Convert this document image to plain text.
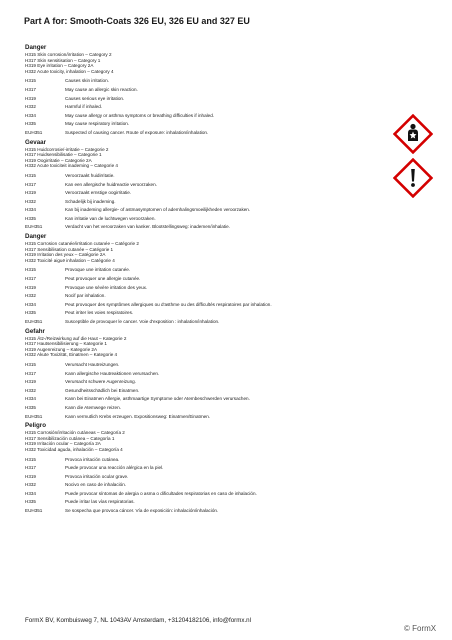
Part A for: Smooth-Coats 326 EU, 326 EU and 327 EU
Danger
H315 Skin corrosion/irritation – Category 2
H317 Skin sensitisation – Category 1
H319 Eye irritation – Category 2A
H332 Acute toxicity, inhalation – Category 4
H315	Causes skin irritation.
H317	May cause an allergic skin reaction.
H319	Causes serious eye irritation.
H332	Harmful if inhaled.
H334	May cause allergy or asthma symptoms or breathing difficulties if inhaled.
H335	May cause respiratory irritation.
EUH351	Suspected of causing cancer. Route of exposure: inhalation/inhalation.
Gevaar
H315 Huidcorrosie/-irritatie – Categorie 2
H317 Huidsensibilisatie – Categorie 1
H319 Oogirritatie – Categorie 2A
H332 Acute toxiciteit inademing – Categorie 4
H315	Veroorzaakt huidirritatie.
H317	Kan een allergische huidreactie veroorzaken.
H319	Veroorzaakt ernstige oogirritatie.
H332	Schadelijk bij inademing.
H334	Kan bij inademing allergie- of astmasymptomen of ademhalingsmoeilijkheden veroorzaken.
H335	Kan irritatie van de luchtwegen veroorzaken.
EUH351	Verdacht van het veroorzaken van kanker. Blootstellingsweg: inademen/inhalatie.
Danger
H315 Corrosion cutanée/irritation cutanée – Catégorie 2
H317 Sensibilisation cutanée – Catégorie 1
H319 Irritation des yeux – Catégorie 2A
H332 Toxicité aiguë inhalation – Catégorie 4
H315	Provoque une irritation cutanée.
H317	Peut provoquer une allergie cutanée.
H319	Provoque une sévère irritation des yeux.
H332	Nocif par inhalation.
H334	Peut provoquer des symptômes allergiques ou d'asthme ou des difficultés respiratoires par inhalation.
H335	Peut irriter les voies respiratoires.
EUH351	Susceptible de provoquer le cancer. Voie d'exposition : inhalation/inhalation.
Gefahr
H315 Ätz-/Reizwirkung auf die Haut – Kategorie 2
H317 Hautsensibilisierung – Kategorie 1
H319 Augenreizung – Kategorie 2A
H332 Akute Toxizität, Einatmen – Kategorie 4
H315	Verursacht Hautreizungen.
H317	Kann allergische Hautreaktionen verursachen.
H319	Verursacht schwere Augenreizung.
H332	Gesundheitsschädlich bei Einatmen.
H334	Kann bei Einatmen Allergie, asthmaartige Symptome oder Atembeschwerden verursachen.
H335	Kann die Atemwege reizen.
EUH351	Kann vermutlich Krebs erzeugen. Expositionsweg: Einatmen/Einatmen.
Peligro
H315 Corrosión/irritación cutáneas – Categoría 2
H317 Sensibilización cutánea – Categoría 1
H319 Irritación ocular – Categoría 2A
H332 Toxicidad aguda, inhalación – Categoría 4
H315	Provoca irritación cutánea.
H317	Puede provocar una reacción alérgica en la piel.
H319	Provoca irritación ocular grave.
H332	Nocivo en caso de inhalación.
H334	Puede provocar síntomas de alergia o asma o dificultades respiratorias en caso de inhalación.
H335	Puede irritar las vías respiratorias.
EUH351	Se sospecha que provoca cáncer. Vía de exposición: inhalación/inhalación.
FormX BV, Kombuisweg 7, NL 1043AV Amsterdam, +31204182106, info@formx.nl
© FormX
